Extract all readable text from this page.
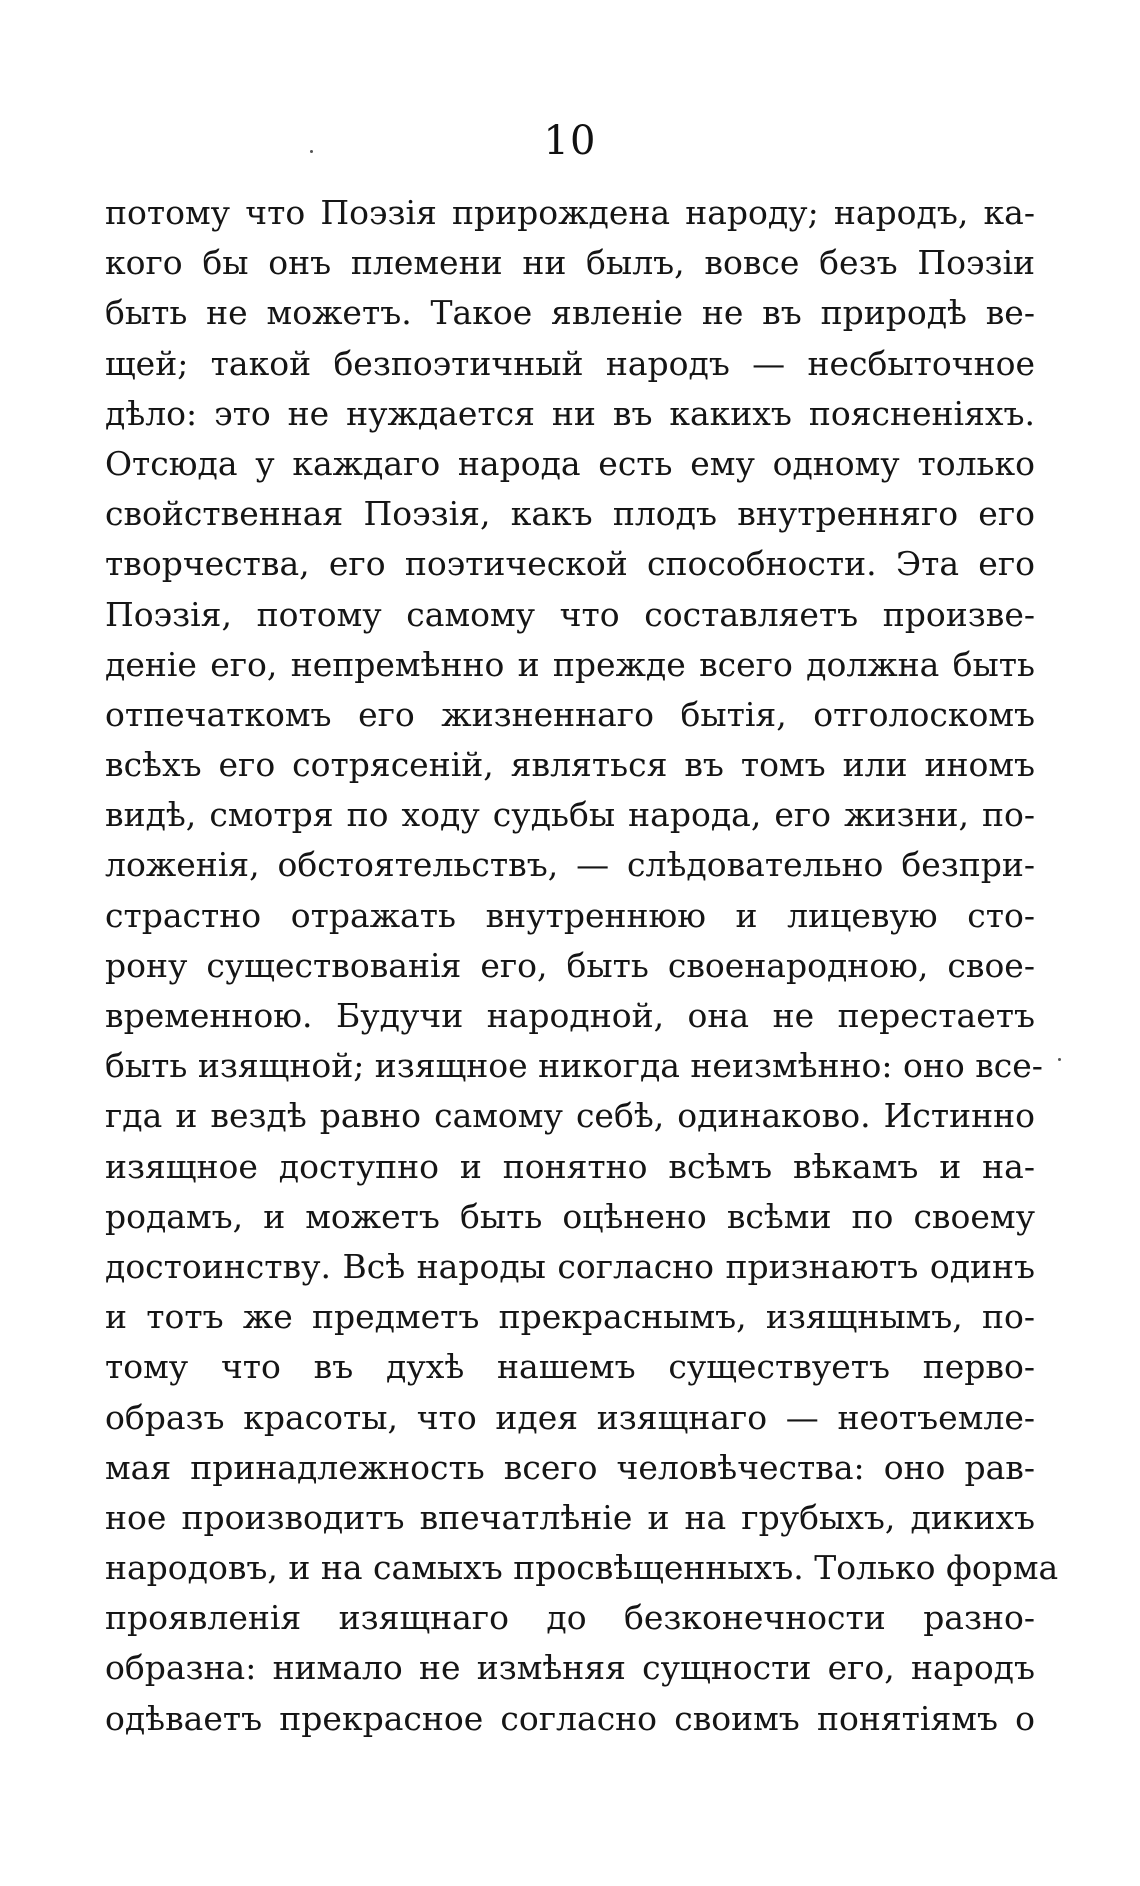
10
потому что Поэзія прирождена народу; народъ, ка-
кого бы онъ племени ни былъ, вовсе безъ Поэзіи
быть не можетъ. Такое явленіе не въ природѣ ве-
щей; такой безпоэтичный народъ — несбыточное
дѣло: это не нуждается ни въ какихъ поясненіяхъ.
Отсюда у каждаго народа есть ему одному только
свойственная Поэзія, какъ плодъ внутренняго его
творчества, его поэтической способности. Эта его
Поэзія, потому самому что составляетъ произве-
деніе его, непремѣнно и прежде всего должна быть
отпечаткомъ его жизненнаго бытія, отголоскомъ
всѣхъ его сотрясеній, являться въ томъ или иномъ
видѣ, смотря по ходу судьбы народа, его жизни, по-
ложенія, обстоятельствъ, — слѣдовательно безпри-
страстно отражать внутреннюю и лицевую сто-
рону существованія его, быть своенародною, свое-
временною. Будучи народной, она не перестаетъ
быть изящной; изящное никогда неизмѣнно: оно все-
гда и вездѣ равно самому себѣ, одинаково. Истинно
изящное доступно и понятно всѣмъ вѣкамъ и на-
родамъ, и можетъ быть оцѣнено всѣми по своему
достоинству. Всѣ народы согласно признаютъ одинъ
и тотъ же предметъ прекраснымъ, изящнымъ, по-
тому что въ духѣ нашемъ существуетъ перво-
образъ красоты, что идея изящнаго — неотъемле-
мая принадлежность всего человѣчества: оно рав-
ное производитъ впечатлѣніе и на грубыхъ, дикихъ
народовъ, и на самыхъ просвѣщенныхъ. Только форма
проявленія изящнаго до безконечности разно-
образна: нимало не измѣняя сущности его, народъ
одѣваетъ прекрасное согласно своимъ понятіямъ о
